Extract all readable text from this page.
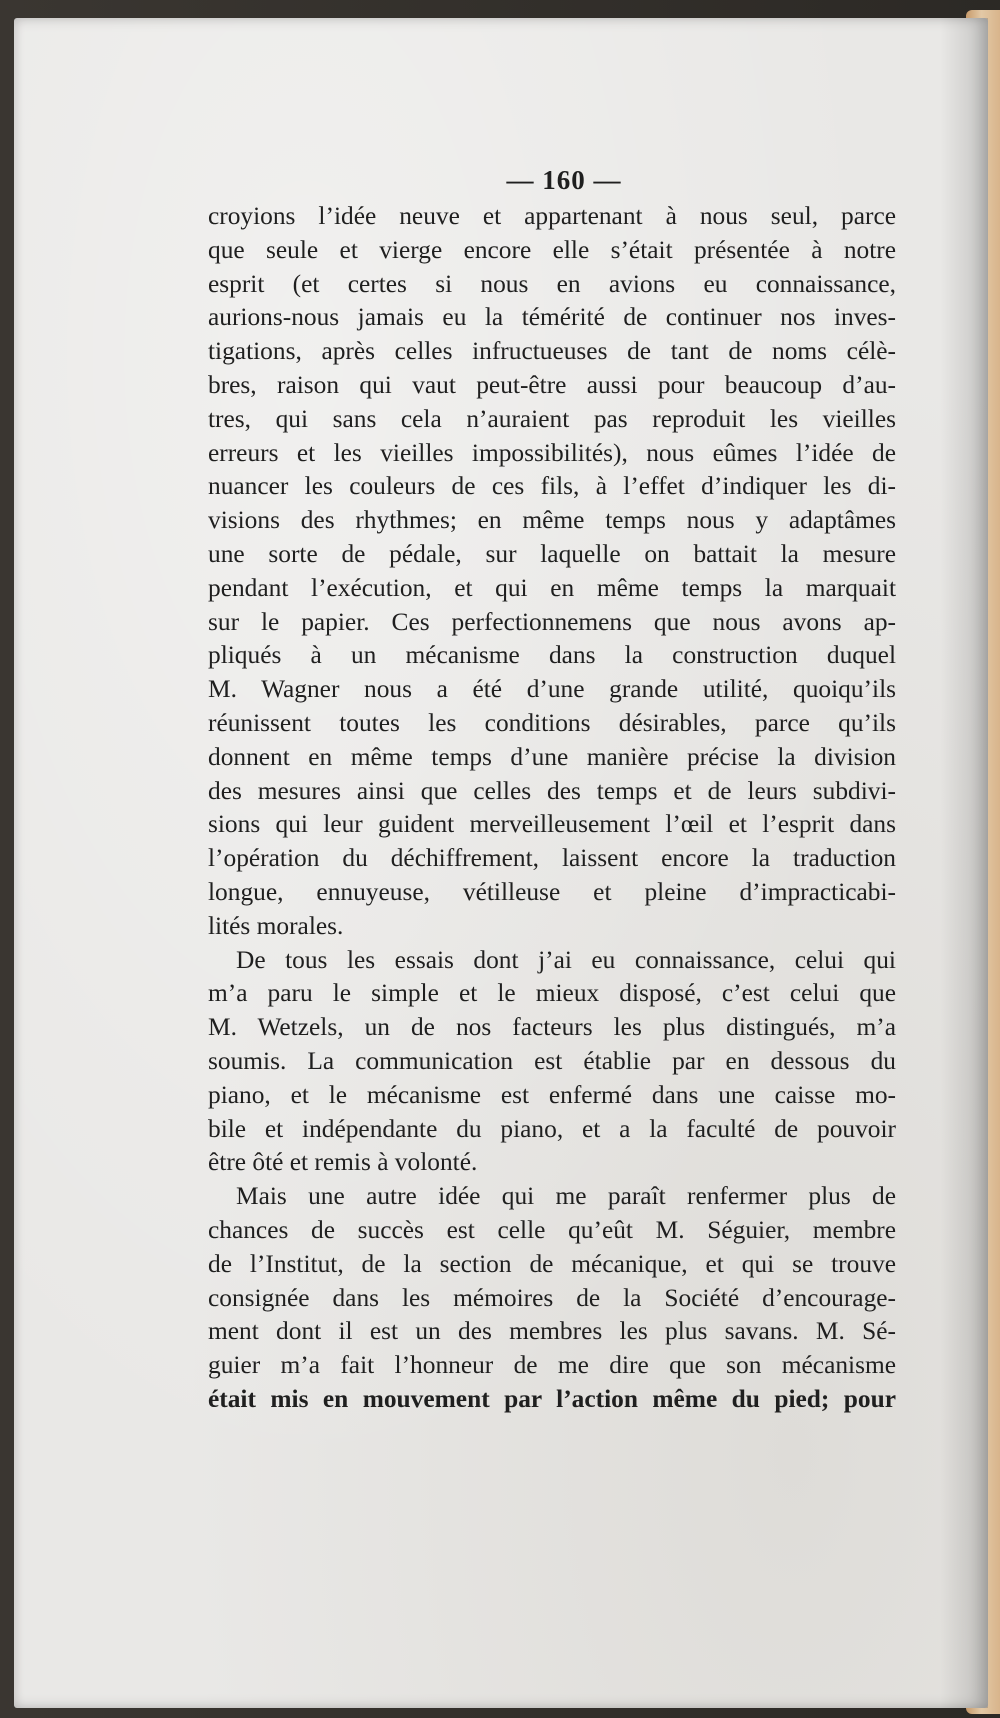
— 160 —
croyions l’idée neuve et appartenant à nous seul, parce
que seule et vierge encore elle s’était présentée à notre
esprit (et certes si nous en avions eu connaissance,
aurions-nous jamais eu la témérité de continuer nos inves-
tigations, après celles infructueuses de tant de noms célè-
bres, raison qui vaut peut-être aussi pour beaucoup d’au-
tres, qui sans cela n’auraient pas reproduit les vieilles
erreurs et les vieilles impossibilités), nous eûmes l’idée de
nuancer les couleurs de ces fils, à l’effet d’indiquer les di-
visions des rhythmes; en même temps nous y adaptâmes
une sorte de pédale, sur laquelle on battait la mesure
pendant l’exécution, et qui en même temps la marquait
sur le papier. Ces perfectionnemens que nous avons ap-
pliqués à un mécanisme dans la construction duquel
M. Wagner nous a été d’une grande utilité, quoiqu’ils
réunissent toutes les conditions désirables, parce qu’ils
donnent en même temps d’une manière précise la division
des mesures ainsi que celles des temps et de leurs subdivi-
sions qui leur guident merveilleusement l’œil et l’esprit dans
l’opération du déchiffrement, laissent encore la traduction
longue, ennuyeuse, vétilleuse et pleine d’impracticabi-
lités morales.
De tous les essais dont j’ai eu connaissance, celui qui
m’a paru le simple et le mieux disposé, c’est celui que
M. Wetzels, un de nos facteurs les plus distingués, m’a
soumis. La communication est établie par en dessous du
piano, et le mécanisme est enfermé dans une caisse mo-
bile et indépendante du piano, et a la faculté de pouvoir
être ôté et remis à volonté.
Mais une autre idée qui me paraît renfermer plus de
chances de succès est celle qu’eût M. Séguier, membre
de l’Institut, de la section de mécanique, et qui se trouve
consignée dans les mémoires de la Société d’encourage-
ment dont il est un des membres les plus savans. M. Sé-
guier m’a fait l’honneur de me dire que son mécanisme
était mis en mouvement par l’action même du pied; pour
